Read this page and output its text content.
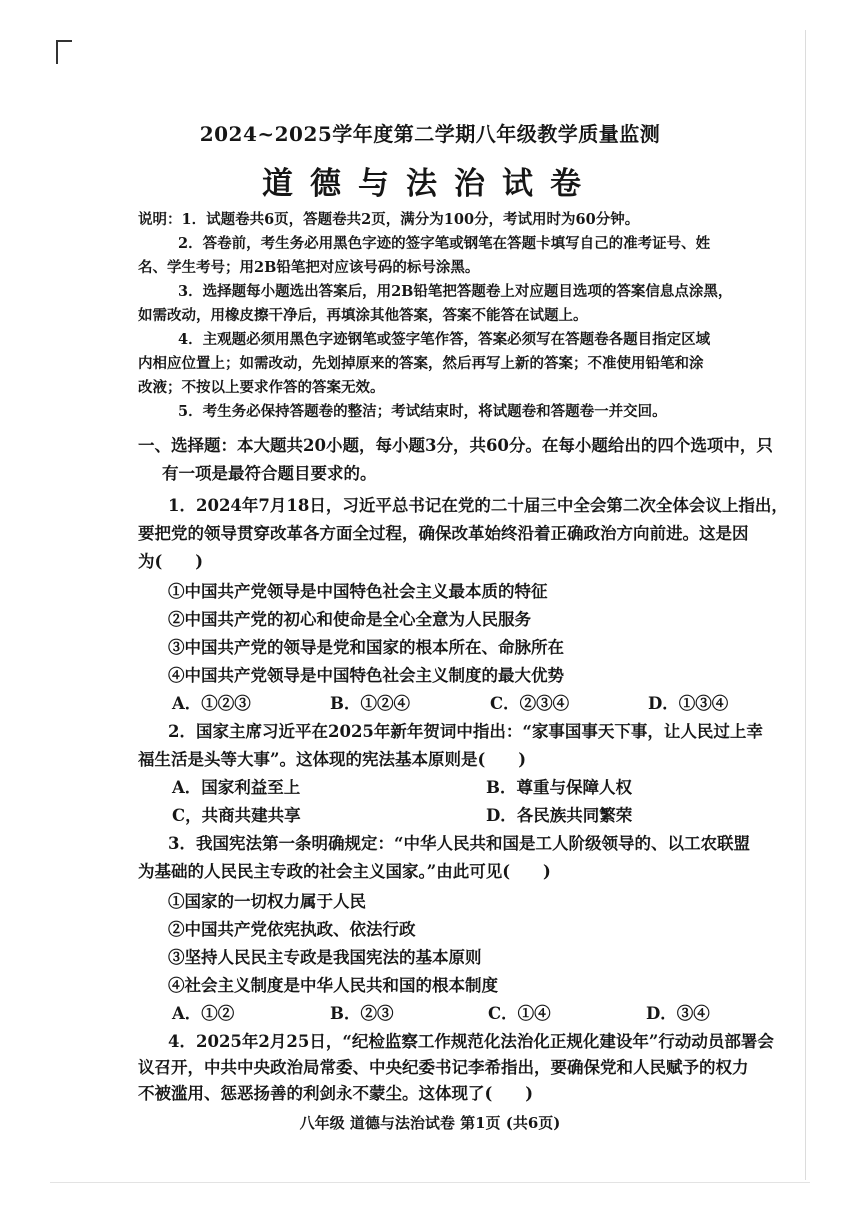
2024~2025学年度第二学期八年级教学质量监测
道德与法治试卷
说明：1．试题卷共6页，答题卷共2页，满分为100分，考试用时为60分钟。
2．答卷前，考生务必用黑色字迹的签字笔或钢笔在答题卡填写自己的准考证号、姓
名、学生考号；用2B铅笔把对应该号码的标号涂黑。
3．选择题每小题选出答案后，用2B铅笔把答题卷上对应题目选项的答案信息点涂黑，
如需改动，用橡皮擦干净后，再填涂其他答案，答案不能答在试题上。
4．主观题必须用黑色字迹钢笔或签字笔作答，答案必须写在答题卷各题目指定区域
内相应位置上；如需改动，先划掉原来的答案，然后再写上新的答案；不准使用铅笔和涂
改液；不按以上要求作答的答案无效。
5．考生务必保持答题卷的整洁；考试结束时，将试题卷和答题卷一并交回。
一、选择题：本大题共20小题，每小题3分，共60分。在每小题给出的四个选项中，只
有一项是最符合题目要求的。
1．2024年7月18日，习近平总书记在党的二十届三中全会第二次全体会议上指出，
要把党的领导贯穿改革各方面全过程，确保改革始终沿着正确政治方向前进。这是因
为(　　)
①中国共产党领导是中国特色社会主义最本质的特征
②中国共产党的初心和使命是全心全意为人民服务
③中国共产党的领导是党和国家的根本所在、命脉所在
④中国共产党领导是中国特色社会主义制度的最大优势
A．①②③	B．①②④	C．②③④	D．①③④
2．国家主席习近平在2025年新年贺词中指出：“家事国事天下事，让人民过上幸
福生活是头等大事”。这体现的宪法基本原则是(　　)
A．国家利益至上	B．尊重与保障人权
C，共商共建共享	D．各民族共同繁荣
3．我国宪法第一条明确规定：“中华人民共和国是工人阶级领导的、以工农联盟
为基础的人民民主专政的社会主义国家。”由此可见(　　)
①国家的一切权力属于人民
②中国共产党依宪执政、依法行政
③坚持人民民主专政是我国宪法的基本原则
④社会主义制度是中华人民共和国的根本制度
A．①②	B．②③	C．①④	D．③④
4．2025年2月25日，“纪检监察工作规范化法治化正规化建设年”行动动员部署会
议召开，中共中央政治局常委、中央纪委书记李希指出，要确保党和人民赋予的权力
不被滥用、惩恶扬善的利剑永不蒙尘。这体现了(　　)
八年级 道德与法治试卷 第1页 (共6页)
